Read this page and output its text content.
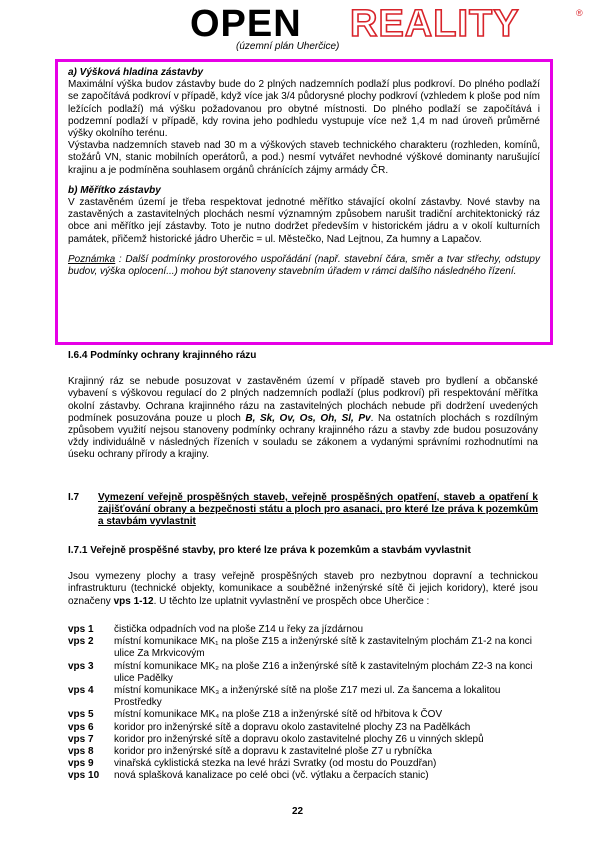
OPEN REALITY	®
(územní plán Uherčice)

a) Výšková hladina zástavby

Maximální výška budov zástavby bude do 2 plných nadzemních podlaží plus podkroví. Do plného podlaží se započítává podkroví v případě, když více jak 3/4 půdorysné plochy podkroví (vzhledem k ploše pod ním ležících podlaží) má výšku požadovanou pro obytné místnosti. Do plného podlaží se započítává i podzemní podlaží v případě, kdy rovina jeho podhledu vystupuje více než 1,4 m nad úroveň průměrné výšky okolního terénu.

Výstavba nadzemních staveb nad 30 m a výškových staveb technického charakteru (rozhleden, komínů, stožárů VN, stanic mobilních operátorů, a pod.) nesmí vytvářet nevhodné výškové dominanty narušující krajinu a je podmíněna souhlasem orgánů chránících zájmy armády ČR.

b) Měřítko zástavby

V zastavěném území je třeba respektovat jednotné měřítko stávající okolní zástavby. Nové stavby na zastavěných a zastavitelných plochách nesmí významným způsobem narušit tradiční architektonický ráz obce ani měřítko její zástavby. Toto je nutno dodržet především v historickém jádru a v okolí kulturních památek, přičemž historické jádro Uherčic = ul. Městečko, Nad Lejtnou, Za humny a Lapačov.

Poznámka : Další podmínky prostorového uspořádání (např. stavební čára, směr a tvar střechy, odstupy budov, výška oplocení...) mohou být stanoveny stavebním úřadem v rámci dalšího následného řízení.

I.6.4 Podmínky ochrany krajinného rázu

Krajinný ráz se nebude posuzovat v zastavěném území v případě staveb pro bydlení a občanské vybavení s výškovou regulací do 2 plných nadzemních podlaží (plus podkroví) při respektování měřítka okolní zástavby. Ochrana krajinného rázu na zastavitelných plochách nebude při dodržení uvedených podmínek posuzována pouze u ploch B, Sk, Ov, Os, Oh, Sl, Pv. Na ostatních plochách s rozdílným způsobem využití nejsou stanoveny podmínky ochrany krajinného rázu a stavby zde budou posuzovány vždy individuálně v následných řízeních v souladu se zákonem a vydanými správními rozhodnutími na úseku ochrany přírody a krajiny.

I.7 Vymezení veřejně prospěšných staveb, veřejně prospěšných opatření, staveb a opatření k zajišťování obrany a bezpečnosti státu a ploch pro asanaci, pro které lze práva k pozemkům a stavbám vyvlastnit

I.7.1 Veřejně prospěšné stavby, pro které lze práva k pozemkům a stavbám vyvlastnit

Jsou vymezeny plochy a trasy veřejně prospěšných staveb pro nezbytnou dopravní a technickou infrastrukturu (technické objekty, komunikace a souběžné inženýrské sítě či jejich koridory), které jsou označeny vps 1-12. U těchto lze uplatnit vyvlastnění ve prospěch obce Uherčice :

vps 1	čistička odpadních vod na ploše Z14 u řeky za jízdárnou
vps 2	místní komunikace MK₁ na ploše Z15 a inženýrské sítě k zastavitelným plochám Z1-2 na konci ulice Za Mrkvicovým
vps 3	místní komunikace MK₂ na ploše Z16 a inženýrské sítě k zastavitelným plochám Z2-3 na konci ulice Padělky
vps 4	místní komunikace MK₃ a inženýrské sítě na ploše Z17 mezi ul. Za šancema a lokalitou Prostředky
vps 5	místní komunikace MK₄ na ploše Z18 a inženýrské sítě od hřbitova k ČOV
vps 6	koridor pro inženýrské sítě a dopravu okolo zastavitelné plochy Z3 na Padělkách
vps 7	koridor pro inženýrské sítě a dopravu okolo zastavitelné plochy Z6 u vinných sklepů
vps 8	koridor pro inženýrské sítě a dopravu k zastavitelné ploše Z7 u rybníčka
vps 9	vinařská cyklistická stezka na levé hrázi Svratky (od mostu do Pouzdřan)
vps 10	nová splašková kanalizace po celé obci (vč. výtlaku a čerpacích stanic)
22
